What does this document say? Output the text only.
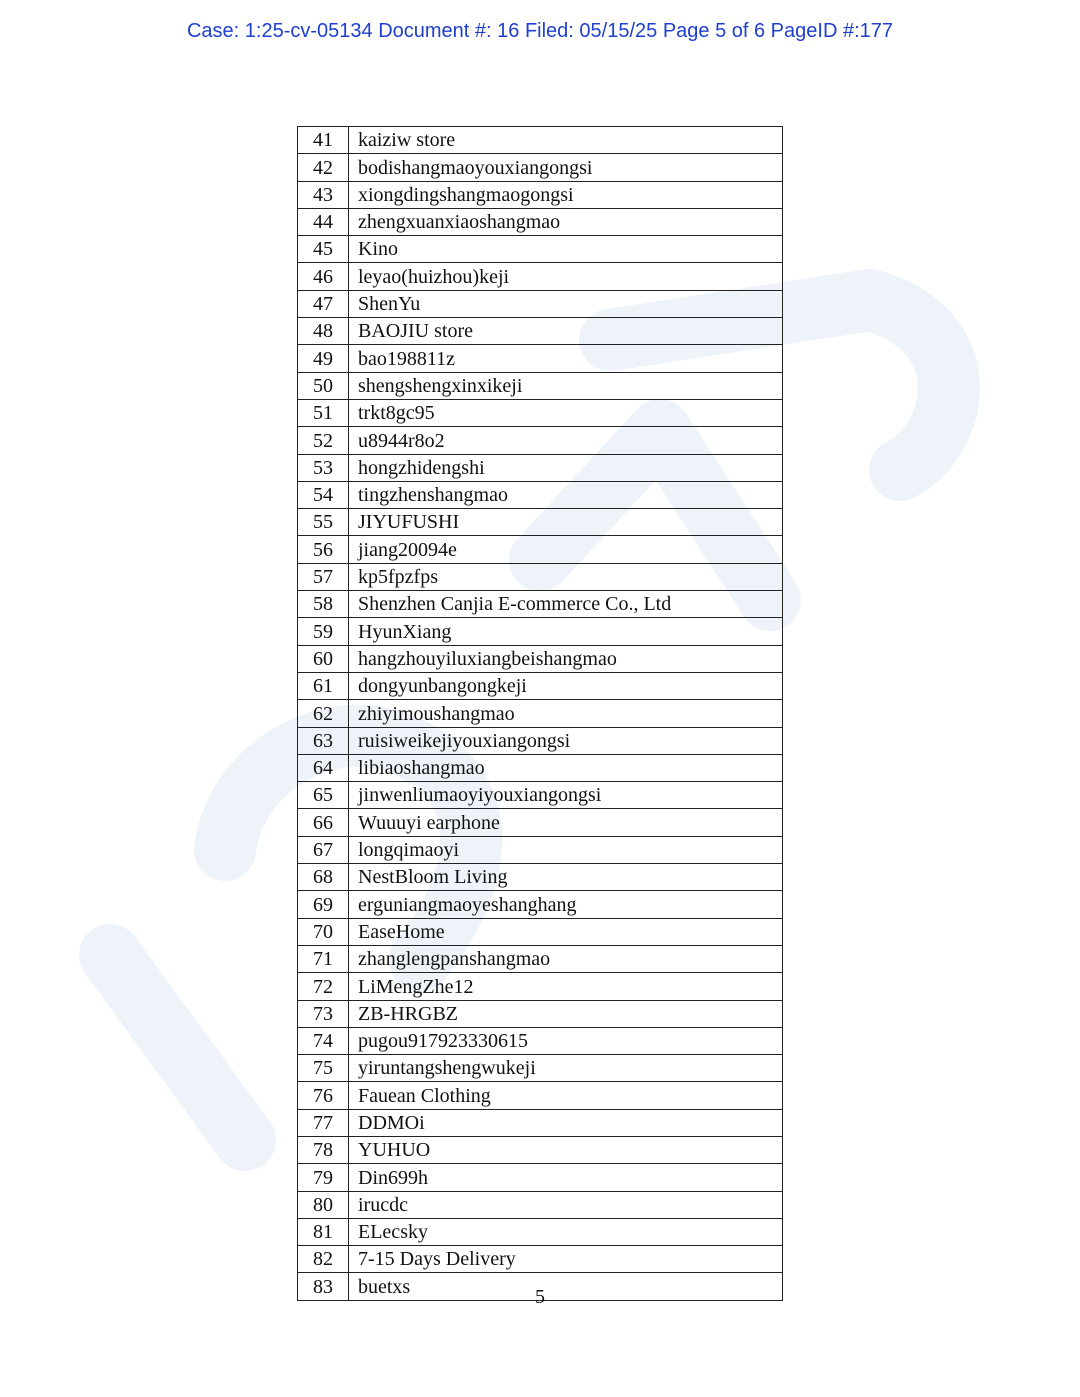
Case: 1:25-cv-05134 Document #: 16 Filed: 05/15/25 Page 5 of 6 PageID #:177
41	kaiziw store
42	bodishangmaoyouxiangongsi
43	xiongdingshangmaogongsi
44	zhengxuanxiaoshangmao
45	Kino
46	leyao(huizhou)keji
47	ShenYu
48	BAOJIU store
49	bao198811z
50	shengshengxinxikeji
51	trkt8gc95
52	u8944r8o2
53	hongzhidengshi
54	tingzhenshangmao
55	JIYUFUSHI
56	jiang20094e
57	kp5fpzfps
58	Shenzhen Canjia E-commerce Co., Ltd
59	HyunXiang
60	hangzhouyiluxiangbeishangmao
61	dongyunbangongkeji
62	zhiyimoushangmao
63	ruisiweikejiyouxiangongsi
64	libiaoshangmao
65	jinwenliumaoyiyouxiangongsi
66	Wuuuyi earphone
67	longqimaoyi
68	NestBloom Living
69	erguniangmaoyeshanghang
70	EaseHome
71	zhanglengpanshangmao
72	LiMengZhe12
73	ZB-HRGBZ
74	pugou917923330615
75	yiruntangshengwukeji
76	Fauean Clothing
77	DDMOi
78	YUHUO
79	Din699h
80	irucdc
81	ELecsky
82	7-15 Days Delivery
83	buetxs	5
